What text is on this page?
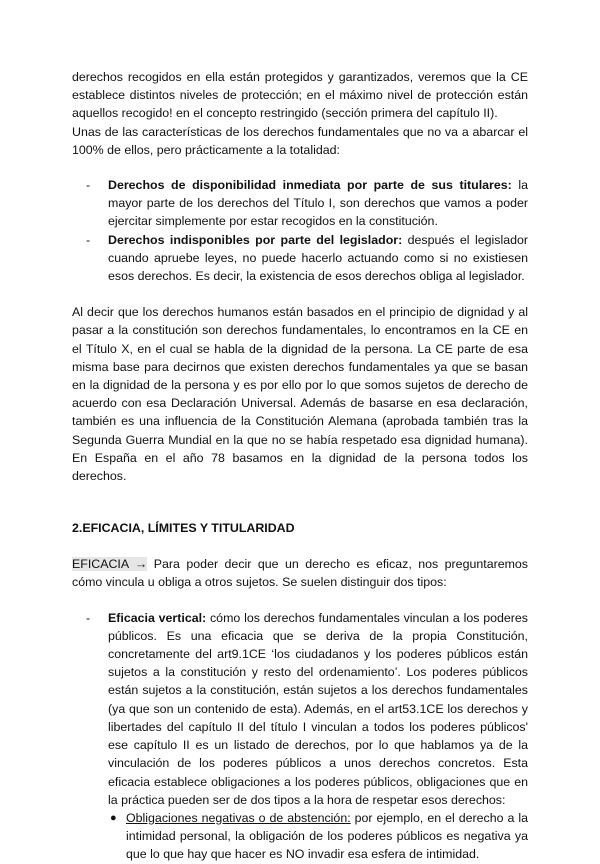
derechos recogidos en ella están protegidos y garantizados, veremos que la CE establece distintos niveles de protección; en el máximo nivel de protección están aquellos recogido! en el concepto restringido (sección primera del capítulo II).

Unas de las características de los derechos fundamentales que no va a abarcar el 100% de ellos, pero prácticamente a la totalidad:

- Derechos de disponibilidad inmediata por parte de sus titulares: la mayor parte de los derechos del Título I, son derechos que vamos a poder ejercitar simplemente por estar recogidos en la constitución.
- Derechos indisponibles por parte del legislador: después el legislador cuando apruebe leyes, no puede hacerlo actuando como si no existiesen esos derechos. Es decir, la existencia de esos derechos obliga al legislador.

Al decir que los derechos humanos están basados en el principio de dignidad y al pasar a la constitución son derechos fundamentales, lo encontramos en la CE en el Título X, en el cual se habla de la dignidad de la persona. La CE parte de esa misma base para decirnos que existen derechos fundamentales ya que se basan en la dignidad de la persona y es por ello por lo que somos sujetos de derecho de acuerdo con esa Declaración Universal. Además de basarse en esa declaración, también es una influencia de la Constitución Alemana (aprobada también tras la Segunda Guerra Mundial en la que no se había respetado esa dignidad humana). En España en el año 78 basamos en la dignidad de la persona todos los derechos.

2.EFICACIA, LÍMITES Y TITULARIDAD

EFICACIA → Para poder decir que un derecho es eficaz, nos preguntaremos cómo vincula u obliga a otros sujetos. Se suelen distinguir dos tipos:

- Eficacia vertical: cómo los derechos fundamentales vinculan a los poderes públicos. Es una eficacia que se deriva de la propia Constitución, concretamente del art9.1CE ‘los ciudadanos y los poderes públicos están sujetos a la constitución y resto del ordenamiento’. Los poderes públicos están sujetos a la constitución, están sujetos a los derechos fundamentales (ya que son un contenido de esta). Además, en el art53.1CE los derechos y libertades del capítulo II del título I vinculan a todos los poderes públicos' ese capítulo II es un listado de derechos, por lo que hablamos ya de la vinculación de los poderes públicos a unos derechos concretos. Esta eficacia establece obligaciones a los poderes públicos, obligaciones que en la práctica pueden ser de dos tipos a la hora de respetar esos derechos:
● Obligaciones negativas o de abstención: por ejemplo, en el derecho a la intimidad personal, la obligación de los poderes públicos es negativa ya que lo que hay que hacer es NO invadir esa esfera de intimidad.
